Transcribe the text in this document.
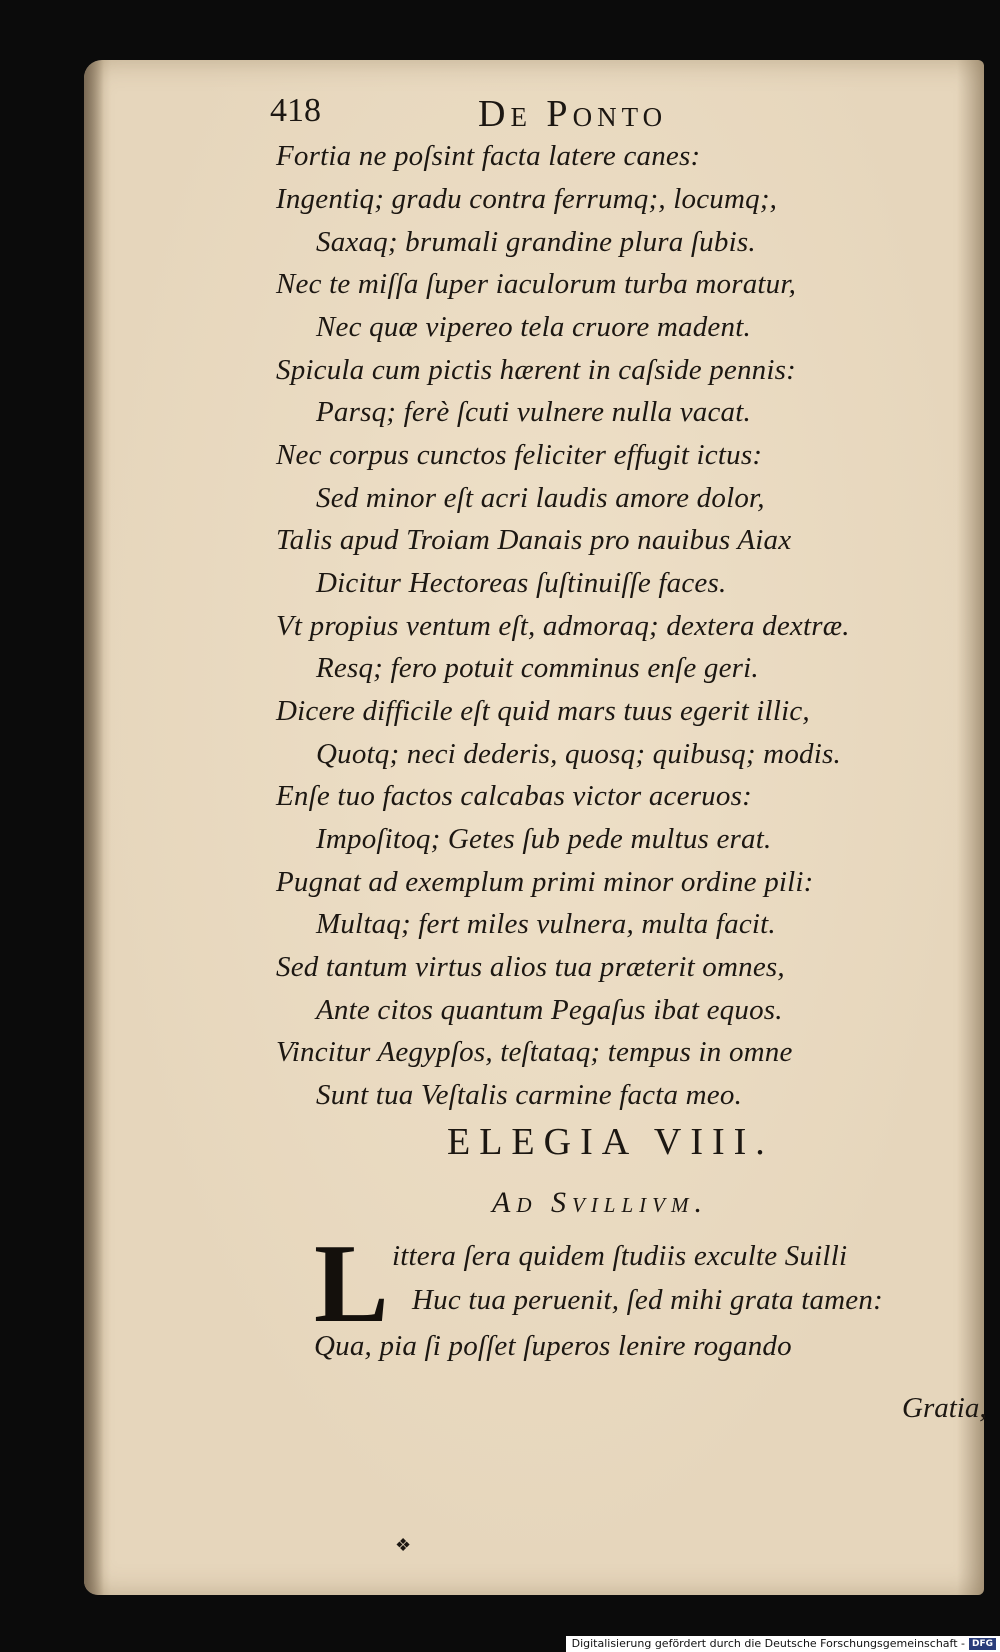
418	De Ponto
Fortia ne poſsint facta latere canes:
Ingentiq; gradu contra ferrumq;, locumq;,
Saxaq; brumali grandine plura ſubis.
Nec te miſſa ſuper iaculorum turba moratur,
Nec quæ vipereo tela cruore madent.
Spicula cum pictis hærent in caſside pennis:
Parsq; ferè ſcuti vulnere nulla vacat.
Nec corpus cunctos feliciter effugit ictus:
Sed minor eſt acri laudis amore dolor,
Talis apud Troiam Danais pro nauibus Aiax
Dicitur Hectoreas ſuſtinuiſſe faces.
Vt propius ventum eſt, admoraq; dextera dextræ.
Resq; fero potuit comminus enſe geri.
Dicere difficile eſt quid mars tuus egerit illic,
Quotq; neci dederis, quosq; quibusq; modis.
Enſe tuo factos calcabas victor aceruos:
Impoſitoq; Getes ſub pede multus erat.
Pugnat ad exemplum primi minor ordine pili:
Multaq; fert miles vulnera, multa facit.
Sed tantum virtus alios tua præterit omnes,
Ante citos quantum Pegaſus ibat equos.
Vincitur Aegypſos, teſtataq; tempus in omne
Sunt tua Veſtalis carmine facta meo.
ELEGIA VIII.
Ad Svillivm.
L ittera ſera quidem ſtudiis exculte Suilli
Huc tua peruenit, ſed mihi grata tamen:
Qua, pia ſi poſſet ſuperos lenire rogando
Gratia,
❖
Digitalisierung gefördert durch die Deutsche Forschungsgemeinschaft - DFG
